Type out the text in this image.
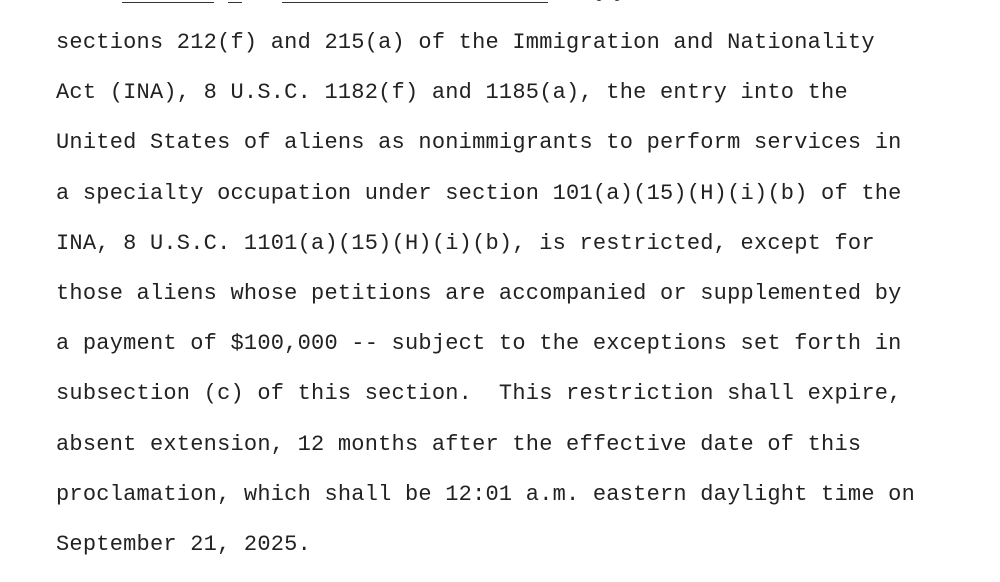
sections 212(f) and 215(a) of the Immigration and Nationality
Act (INA), 8 U.S.C. 1182(f) and 1185(a), the entry into the
United States of aliens as nonimmigrants to perform services in
a specialty occupation under section 101(a)(15)(H)(i)(b) of the
INA, 8 U.S.C. 1101(a)(15)(H)(i)(b), is restricted, except for
those aliens whose petitions are accompanied or supplemented by
a payment of $100,000 -- subject to the exceptions set forth in
subsection (c) of this section.  This restriction shall expire,
absent extension, 12 months after the effective date of this
proclamation, which shall be 12:01 a.m. eastern daylight time on
September 21, 2025.
